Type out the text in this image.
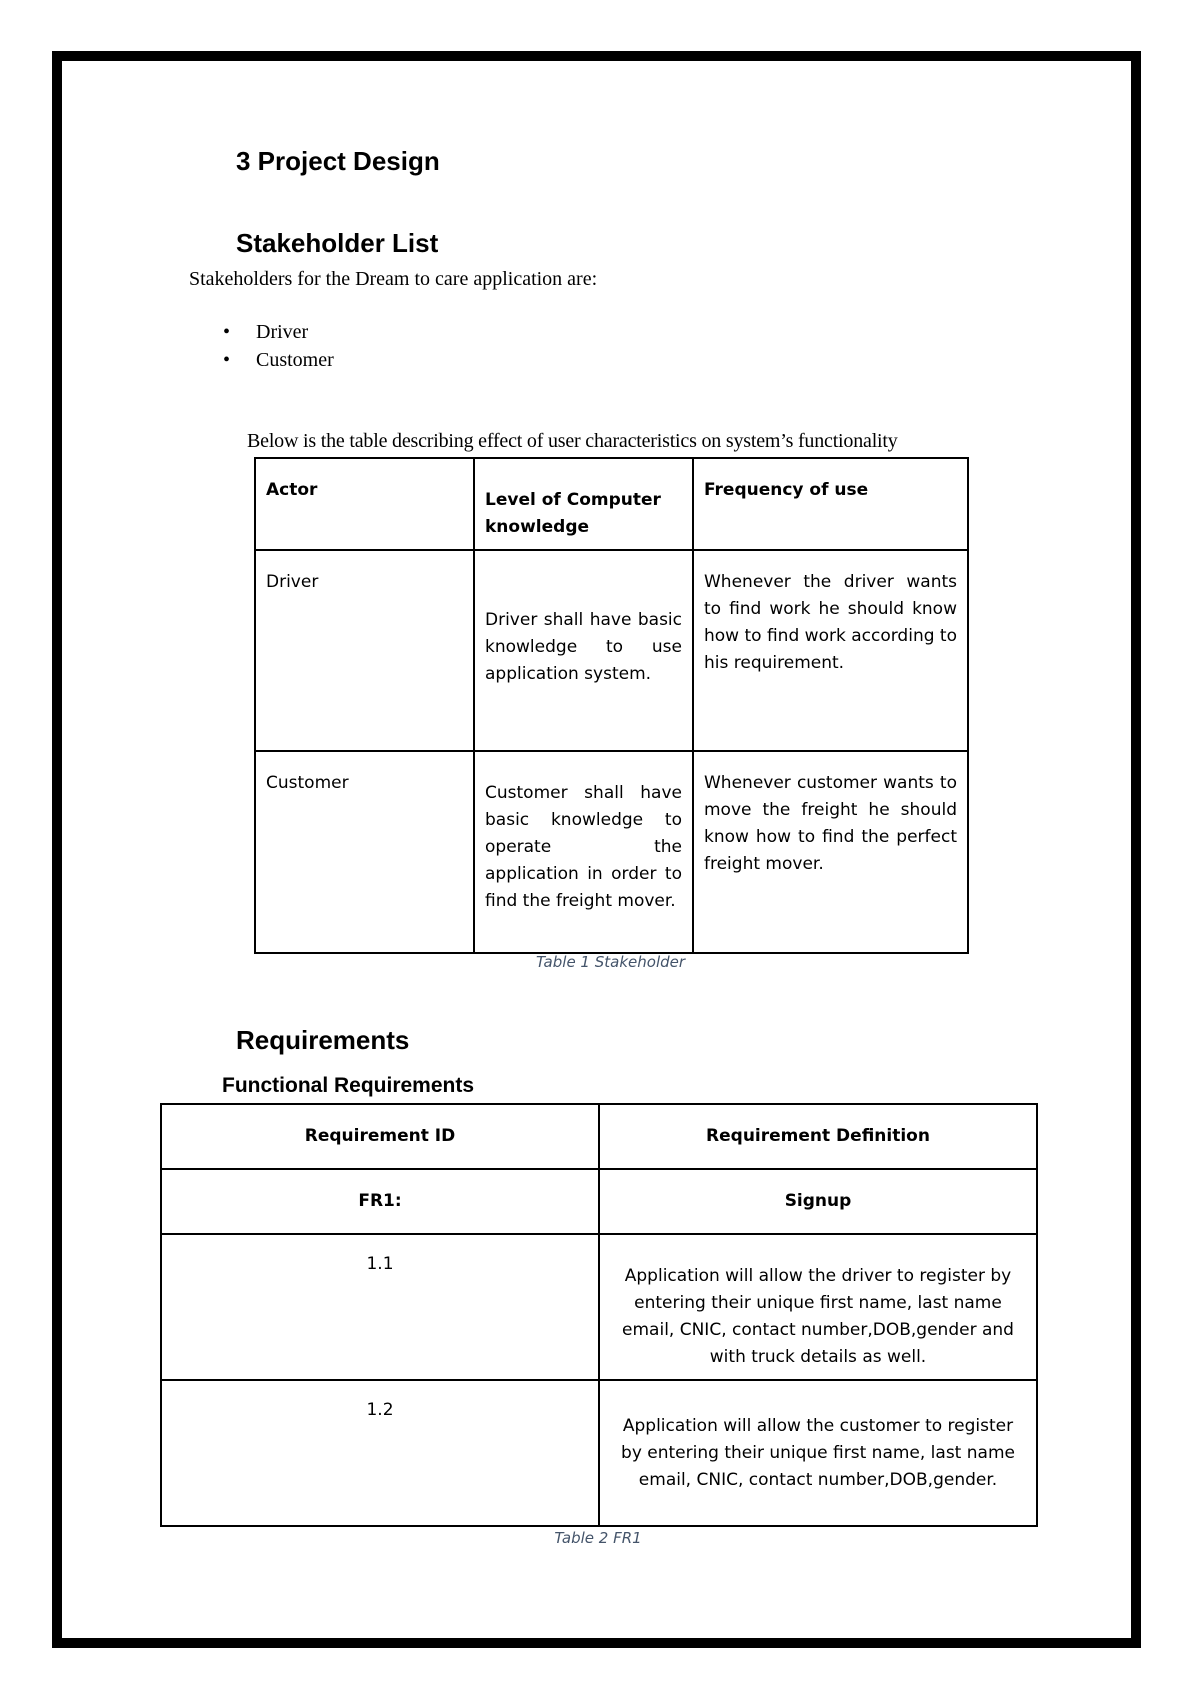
3 Project Design
Stakeholder List
Stakeholders for the Dream to care application are:
• Driver
• Customer
Below is the table describing effect of user characteristics on system’s functionality
Actor	Level of Computer knowledge	Frequency of use
Driver	Driver shall have basic knowledge to use application system.	Whenever the driver wants to find work he should know how to find work according to his requirement.
Customer	Customer shall have basic knowledge to operate the application in order to find the freight mover.	Whenever customer wants to move the freight he should know how to find the perfect freight mover.
Table 1 Stakeholder
Requirements
Functional Requirements
Requirement ID	Requirement Definition
FR1:	Signup
1.1	Application will allow the driver to register by entering their unique first name, last name email, CNIC, contact number,DOB,gender and with truck details as well.
1.2	Application will allow the customer to register by entering their unique first name, last name email, CNIC, contact number,DOB,gender.
Table 2 FR1
